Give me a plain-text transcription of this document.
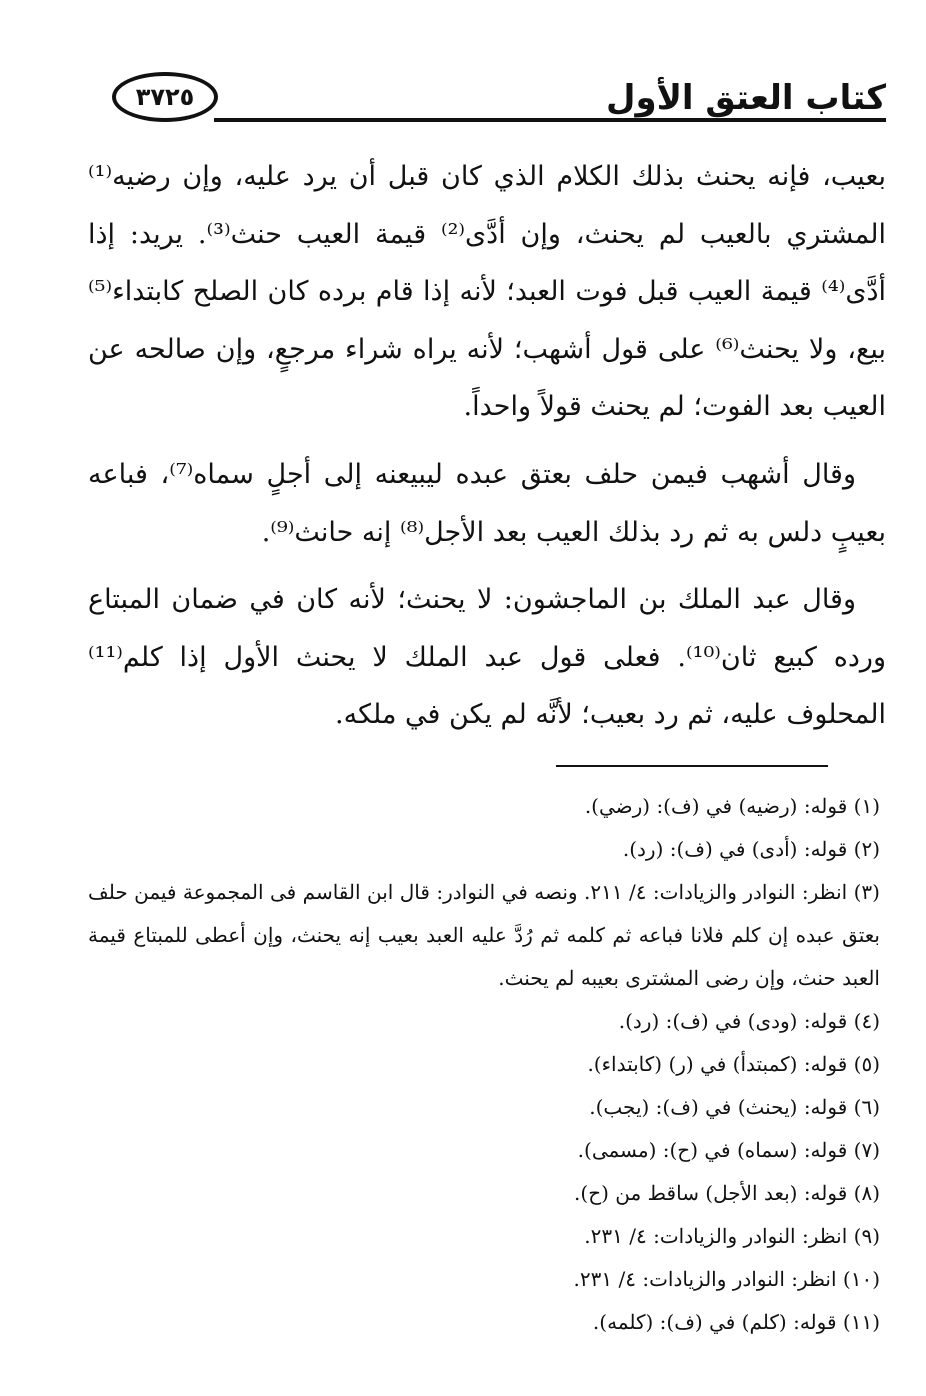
كتاب العتق الأول
٣٧٢٥

بعيب، فإنه يحنث بذلك الكلام الذي كان قبل أن يرد عليه، وإن رضيه⁽¹⁾ المشتري بالعيب لم يحنث، وإن أدَّى⁽²⁾ قيمة العيب حنث⁽³⁾. يريد: إذا أدَّى⁽⁴⁾ قيمة العيب قبل فوت العبد؛ لأنه إذا قام برده كان الصلح كابتداء⁽⁵⁾ بيع، ولا يحنث⁽⁶⁾ على قول أشهب؛ لأنه يراه شراء مرجعٍ، وإن صالحه عن العيب بعد الفوت؛ لم يحنث قولاً واحداً.

وقال أشهب فيمن حلف بعتق عبده ليبيعنه إلى أجلٍ سماه⁽⁷⁾، فباعه بعيبٍ دلس به ثم رد بذلك العيب بعد الأجل⁽⁸⁾ إنه حانث⁽⁹⁾.

وقال عبد الملك بن الماجشون: لا يحنث؛ لأنه كان في ضمان المبتاع ورده كبيع ثان⁽¹⁰⁾. فعلى قول عبد الملك لا يحنث الأول إذا كلم⁽¹¹⁾ المحلوف عليه، ثم رد بعيب؛ لأنَّه لم يكن في ملكه.

(١) قوله: (رضيه) في (ف): (رضي).

(٢) قوله: (أدى) في (ف): (رد).

(٣) انظر: النوادر والزيادات: ٤/ ٢١١. ونصه في النوادر: قال ابن القاسم فى المجموعة فيمن حلف بعتق عبده إن كلم فلانا فباعه ثم كلمه ثم رُدَّ عليه العبد بعيب إنه يحنث، وإن أعطى للمبتاع قيمة العبد حنث، وإن رضى المشترى بعيبه لم يحنث.

(٤) قوله: (ودى) في (ف): (رد).

(٥) قوله: (كمبتدأ) في (ر) (كابتداء).

(٦) قوله: (يحنث) في (ف): (يجب).

(٧) قوله: (سماه) في (ح): (مسمى).

(٨) قوله: (بعد الأجل) ساقط من (ح).

(٩) انظر: النوادر والزيادات: ٤/ ٢٣١.

(١٠) انظر: النوادر والزيادات: ٤/ ٢٣١.

(١١) قوله: (كلم) في (ف): (كلمه).
